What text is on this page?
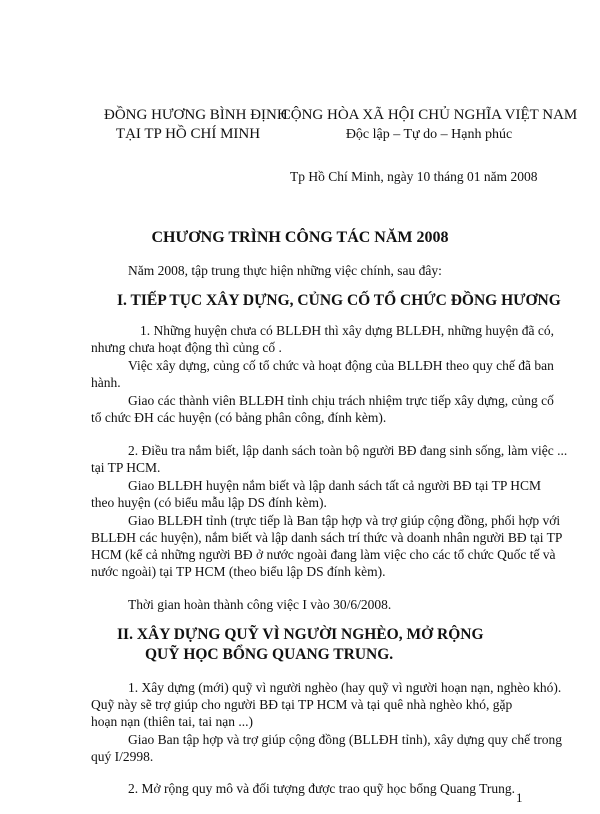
ĐỒNG HƯƠNG BÌNH ĐỊNH
TẠI TP HỒ CHÍ MINH
CỘNG HÒA XÃ HỘI CHỦ NGHĨA VIỆT NAM
Độc lập – Tự do – Hạnh phúc
Tp Hồ Chí Minh, ngày 10 tháng 01 năm 2008
CHƯƠNG TRÌNH CÔNG TÁC NĂM 2008
Năm 2008, tập trung thực hiện những việc chính, sau đây:
I. TIẾP TỤC XÂY DỰNG, CỦNG CỐ TỔ CHỨC ĐỒNG HƯƠNG
1. Những huyện chưa có BLLĐH thì xây dựng BLLĐH, những huyện đã có,
nhưng chưa hoạt động thì củng cố .
Việc xây dựng, củng cố tổ chức và hoạt động của BLLĐH theo quy chế đã ban
hành.
Giao các thành viên BLLĐH tỉnh chịu trách nhiệm trực tiếp xây dựng, củng cố
tổ chức ĐH các huyện (có bảng phân công, đính kèm).
2. Điều tra nắm biết, lập danh sách toàn bộ người BĐ đang sinh sống, làm việc ...
tại TP HCM.
Giao BLLĐH huyện nắm biết và lập danh sách tất cả người BĐ tại TP HCM
theo huyện (có biểu mẫu lập DS đính kèm).
Giao BLLĐH tỉnh (trực tiếp là Ban tập hợp và trợ giúp cộng đồng, phối hợp với
BLLĐH các huyện), nắm biết và lập danh sách trí thức và doanh nhân người BĐ tại TP
HCM (kể cả những người BĐ ở nước ngoài đang làm việc cho các tổ chức Quốc tế và
nước ngoài) tại TP HCM (theo biểu lập DS đính kèm).
Thời gian hoàn thành công việc I vào 30/6/2008.
II. XÂY DỰNG QUỸ VÌ NGƯỜI NGHÈO, MỞ RỘNG
QUỸ HỌC BỔNG QUANG TRUNG.
1. Xây dựng (mới) quỹ vì người nghèo (hay quỹ vì người hoạn nạn, nghèo khó).
Quỹ này sẽ trợ giúp cho người BĐ tại TP HCM và tại quê nhà nghèo khó, gặp
hoạn nạn (thiên tai, tai nạn ...)
Giao Ban tập hợp và trợ giúp cộng đồng (BLLĐH tỉnh), xây dựng quy chế trong
quý I/2998.
2. Mở rộng quy mô và đối tượng được trao quỹ học bổng Quang Trung.
1
